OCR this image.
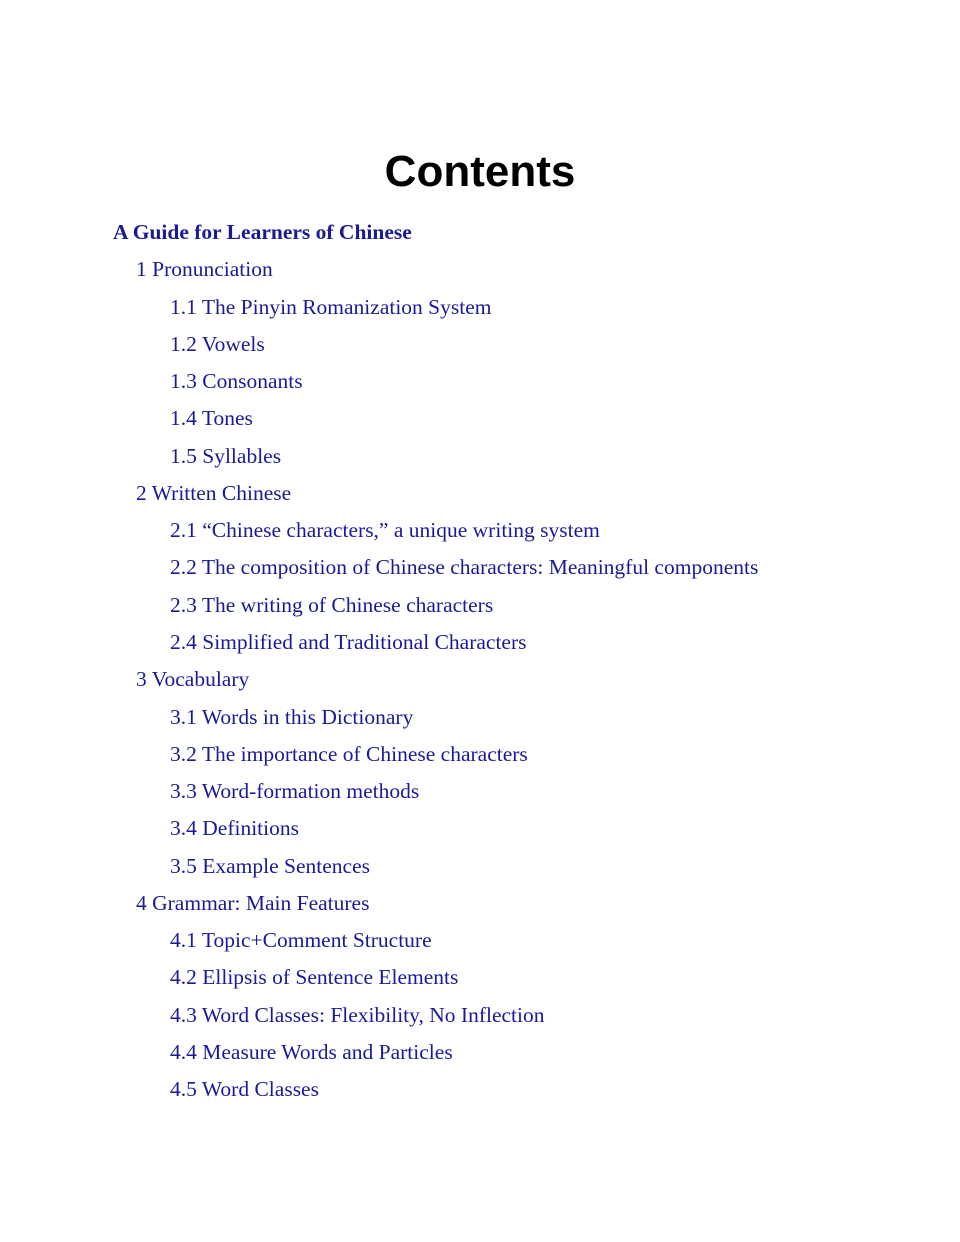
Contents
A Guide for Learners of Chinese
1 Pronunciation
1.1 The Pinyin Romanization System
1.2 Vowels
1.3 Consonants
1.4 Tones
1.5 Syllables
2 Written Chinese
2.1 “Chinese characters,” a unique writing system
2.2 The composition of Chinese characters: Meaningful components
2.3 The writing of Chinese characters
2.4 Simplified and Traditional Characters
3 Vocabulary
3.1 Words in this Dictionary
3.2 The importance of Chinese characters
3.3 Word-formation methods
3.4 Definitions
3.5 Example Sentences
4 Grammar: Main Features
4.1 Topic+Comment Structure
4.2 Ellipsis of Sentence Elements
4.3 Word Classes: Flexibility, No Inflection
4.4 Measure Words and Particles
4.5 Word Classes
